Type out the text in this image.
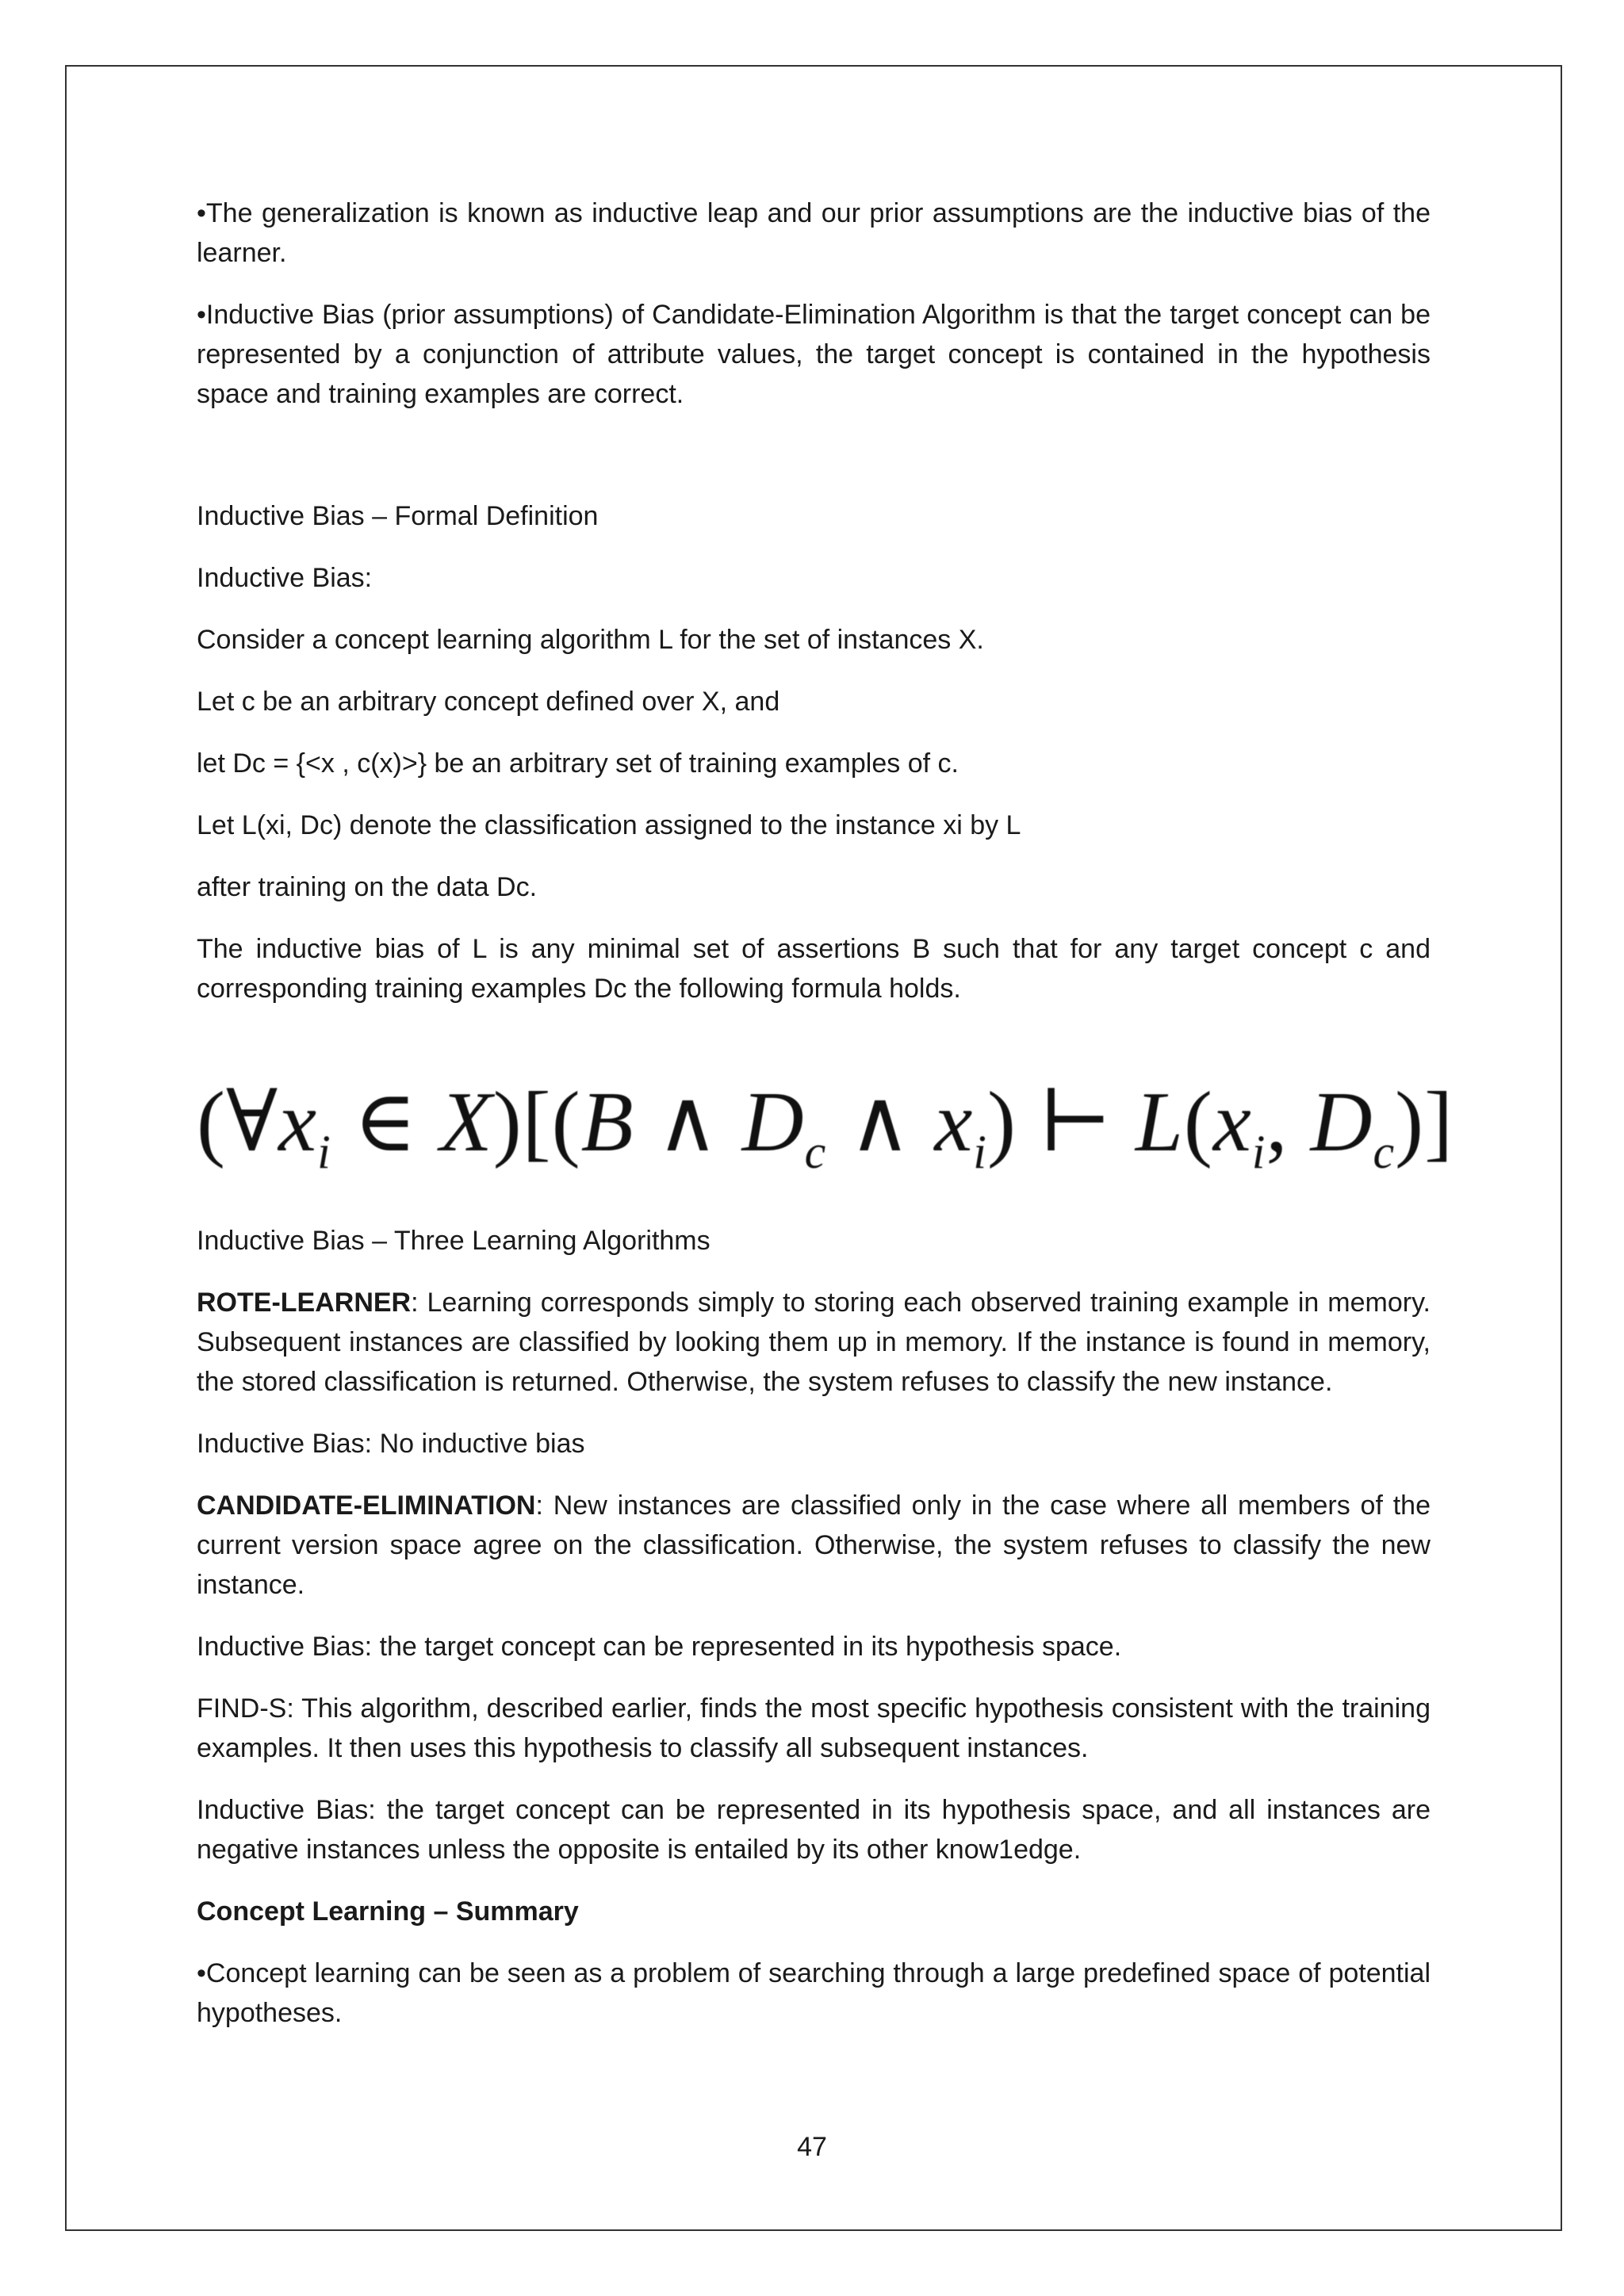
•The generalization is known as inductive leap and our prior assumptions are the inductive bias of the learner.

•Inductive Bias (prior assumptions) of Candidate-Elimination Algorithm is that the target concept can be represented by a conjunction of attribute values, the target concept is contained in the hypothesis space and training examples are correct.

Inductive Bias – Formal Definition

Inductive Bias:

Consider a concept learning algorithm L for the set of instances X.

Let c be an arbitrary concept defined over X, and

let Dc = {<x , c(x)>} be an arbitrary set of training examples of c.

Let L(xi, Dc) denote the classification assigned to the instance xi by L

after training on the data Dc.

The inductive bias of L is any minimal set of assertions B such that for any target concept c and corresponding training examples Dc the following formula holds.

($\forall x_i$ ∈ X)[(B ∧ $D_c$ ∧ $x_i$) ⊢ $L(x_i$, $D_c$)]

Inductive Bias – Three Learning Algorithms

ROTE-LEARNER: Learning corresponds simply to storing each observed training example in memory. Subsequent instances are classified by looking them up in memory. If the instance is found in memory, the stored classification is returned. Otherwise, the system refuses to classify the new instance.

Inductive Bias: No inductive bias

CANDIDATE-ELIMINATION: New instances are classified only in the case where all members of the current version space agree on the classification. Otherwise, the system refuses to classify the new instance.

Inductive Bias: the target concept can be represented in its hypothesis space.

FIND-S: This algorithm, described earlier, finds the most specific hypothesis consistent with the training examples. It then uses this hypothesis to classify all subsequent instances.

Inductive Bias: the target concept can be represented in its hypothesis space, and all instances are negative instances unless the opposite is entailed by its other know1edge.

Concept Learning – Summary

•Concept learning can be seen as a problem of searching through a large predefined space of potential hypotheses.

47
